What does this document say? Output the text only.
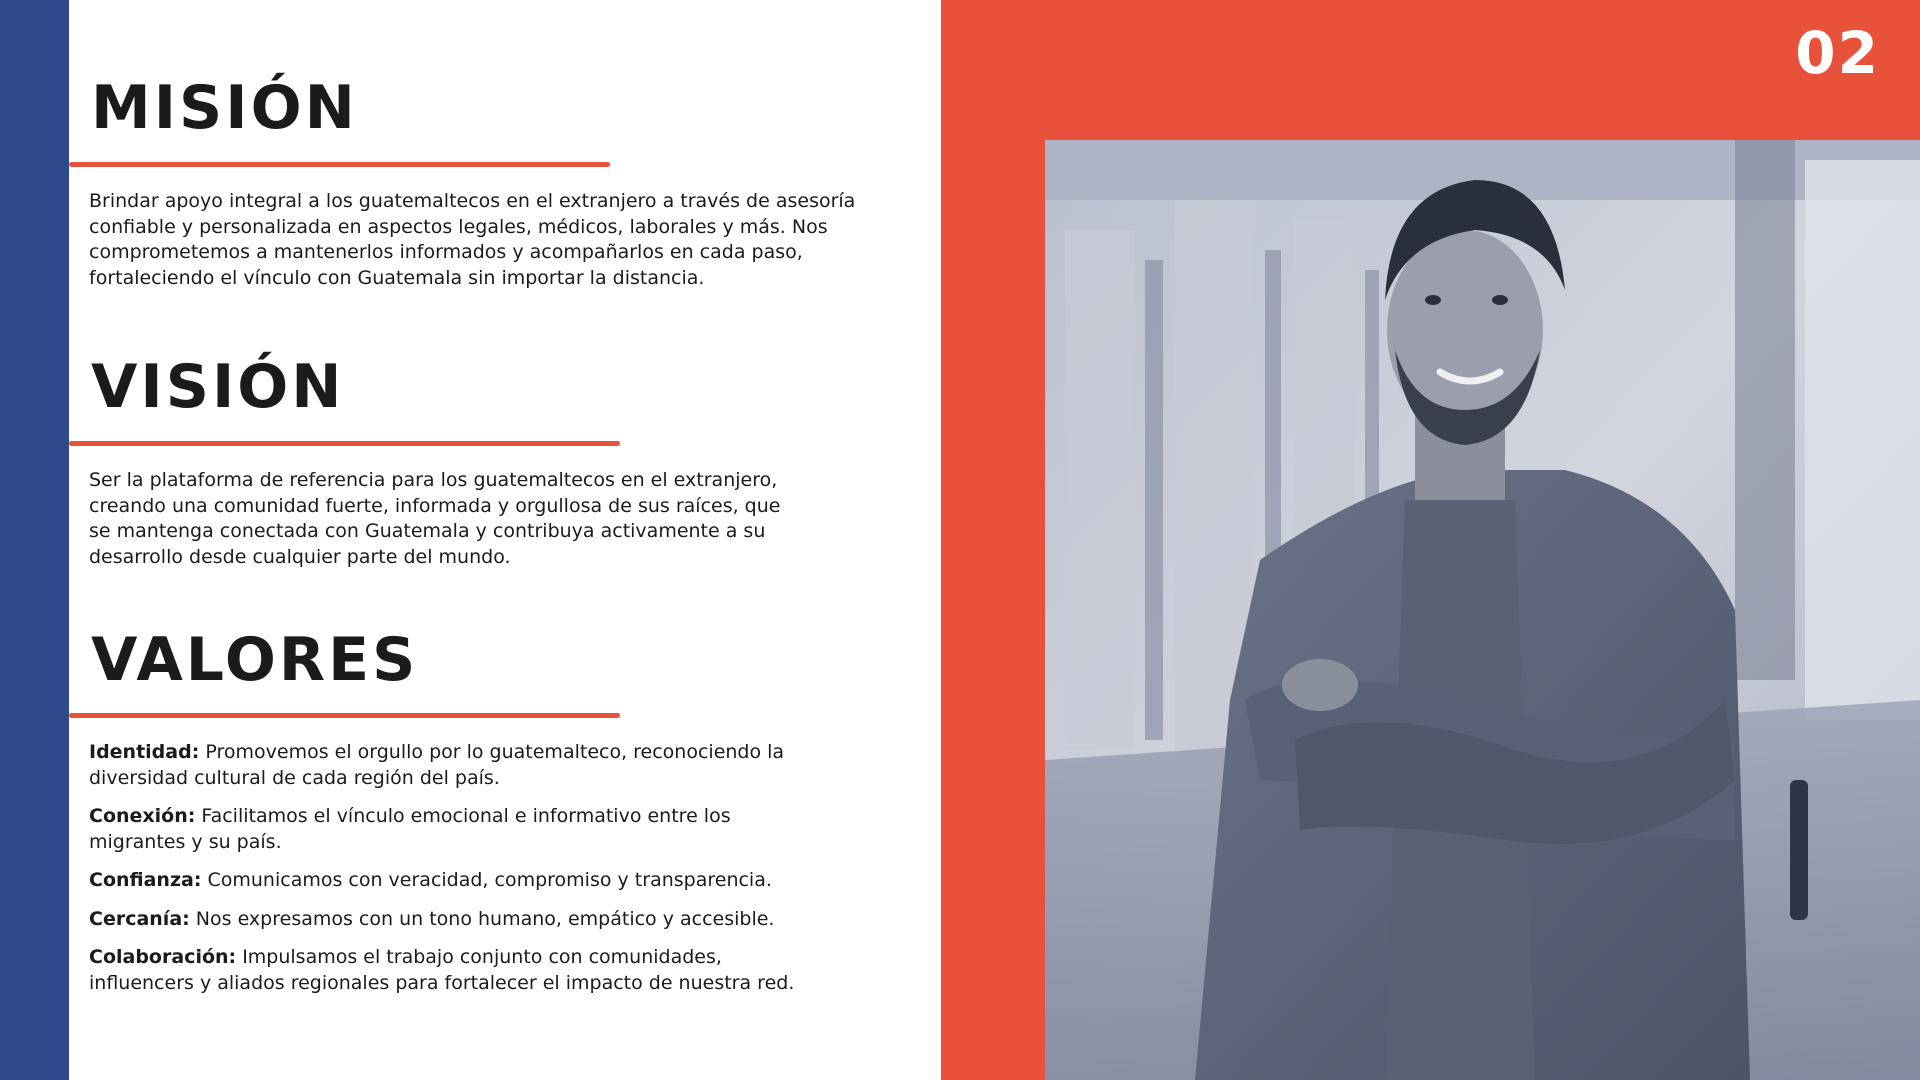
MISIÓN

Brindar apoyo integral a los guatemaltecos en el extranjero a través de asesoría
confiable y personalizada en aspectos legales, médicos, laborales y más. Nos
comprometemos a mantenerlos informados y acompañarlos en cada paso,
fortaleciendo el vínculo con Guatemala sin importar la distancia.

VISIÓN

Ser la plataforma de referencia para los guatemaltecos en el extranjero,
creando una comunidad fuerte, informada y orgullosa de sus raíces, que
se mantenga conectada con Guatemala y contribuya activamente a su
desarrollo desde cualquier parte del mundo.

VALORES
Identidad: Promovemos el orgullo por lo guatemalteco, reconociendo la
diversidad cultural de cada región del país.
Conexión: Facilitamos el vínculo emocional e informativo entre los
migrantes y su país.
Confianza: Comunicamos con veracidad, compromiso y transparencia.
Cercanía: Nos expresamos con un tono humano, empático y accesible.
Colaboración: Impulsamos el trabajo conjunto con comunidades,
influencers y aliados regionales para fortalecer el impacto de nuestra red.
02
